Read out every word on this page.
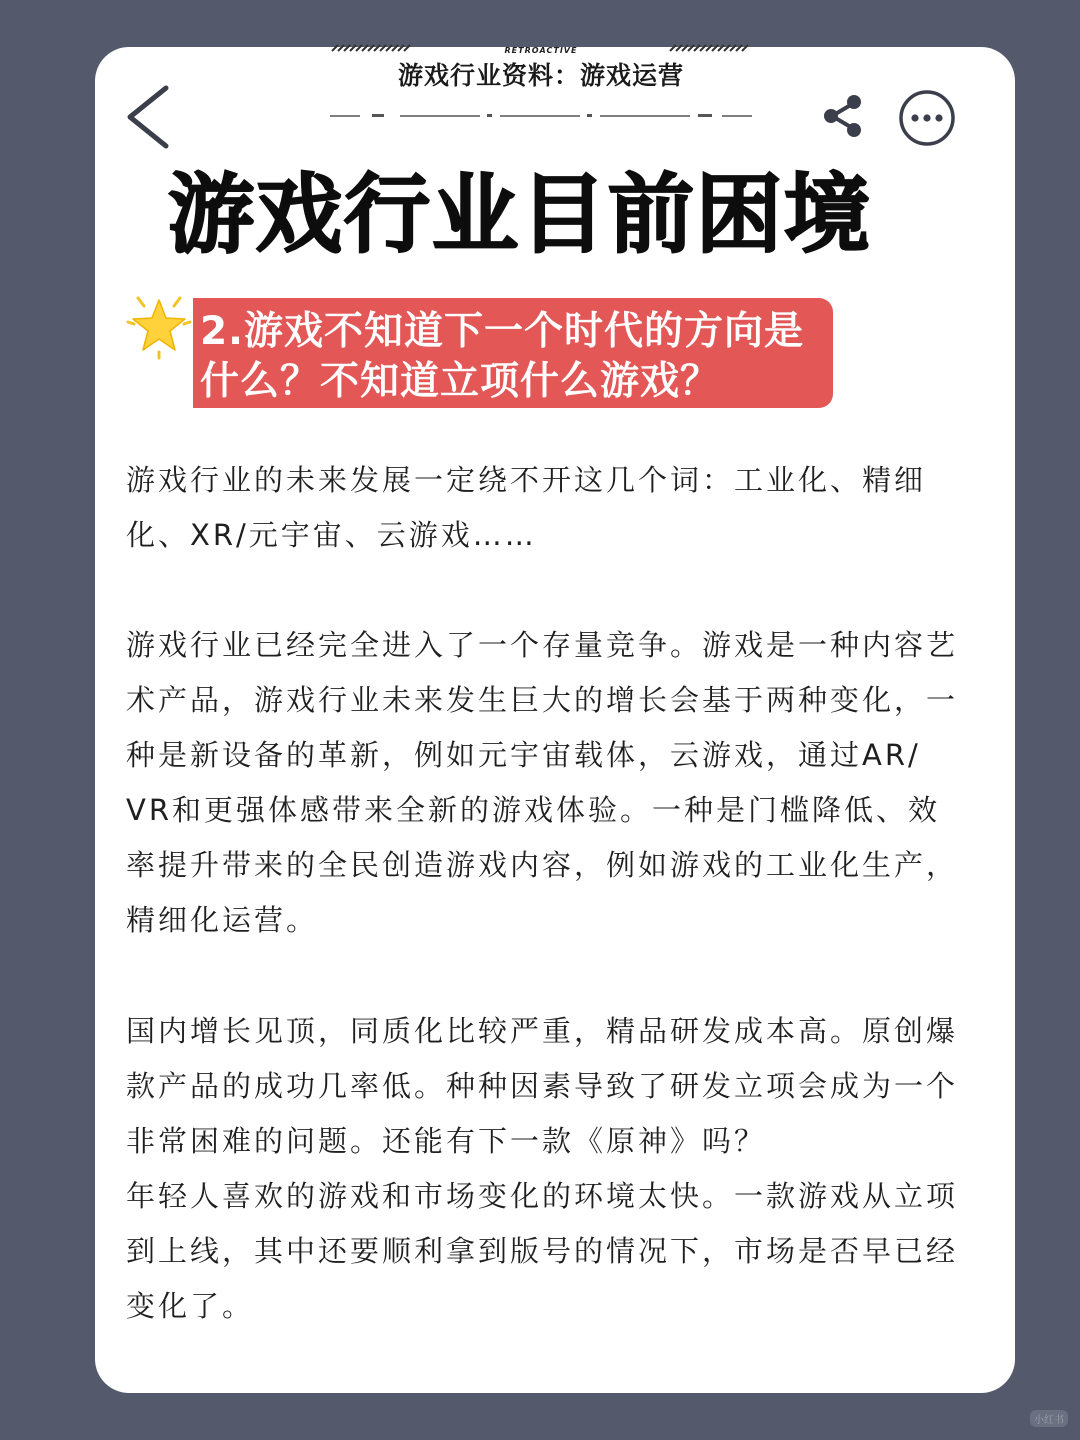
RETROACTIVE
游戏行业资料：游戏运营
游戏行业目前困境
2.游戏不知道下一个时代的方向是
什么？不知道立项什么游戏？
游戏行业的未来发展一定绕不开这几个词：工业化、精细
化、XR/元宇宙、云游戏……
游戏行业已经完全进入了一个存量竞争。游戏是一种内容艺
术产品，游戏行业未来发生巨大的增长会基于两种变化，一
种是新设备的革新，例如元宇宙载体，云游戏，通过AR/
VR和更强体感带来全新的游戏体验。一种是门槛降低、效
率提升带来的全民创造游戏内容，例如游戏的工业化生产，
精细化运营。
国内增长见顶，同质化比较严重，精品研发成本高。原创爆
款产品的成功几率低。种种因素导致了研发立项会成为一个
非常困难的问题。还能有下一款《原神》吗？
年轻人喜欢的游戏和市场变化的环境太快。一款游戏从立项
到上线，其中还要顺利拿到版号的情况下，市场是否早已经
变化了。
小红书
